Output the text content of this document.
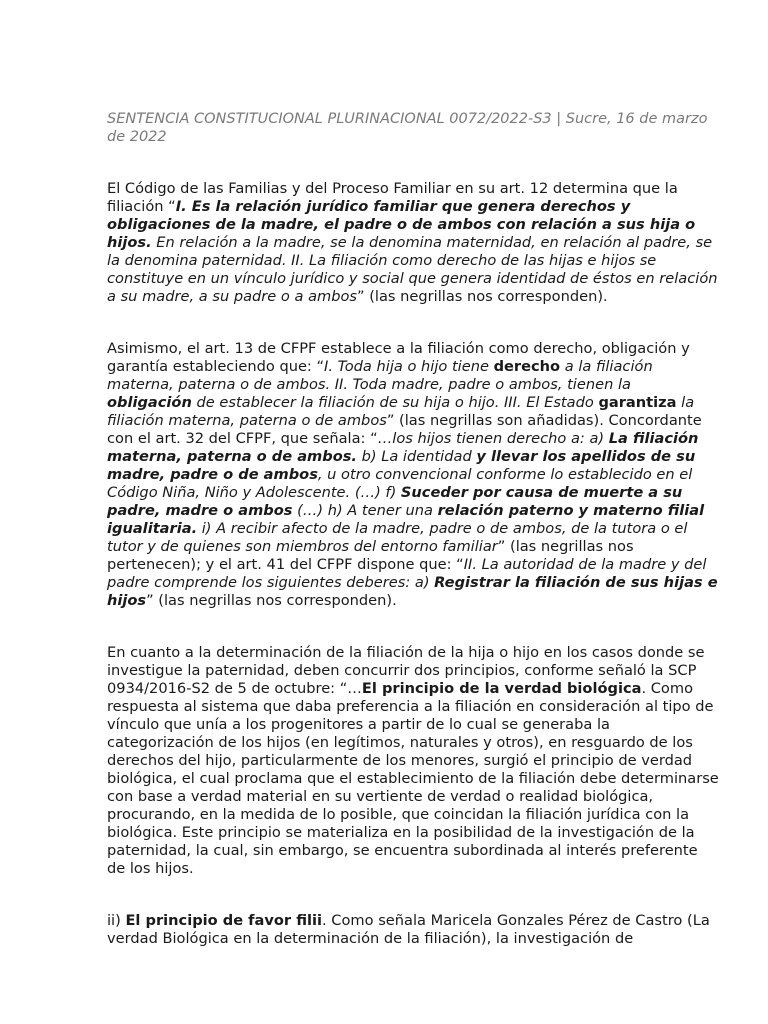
SENTENCIA CONSTITUCIONAL PLURINACIONAL 0072/2022-S3 | Sucre, 16 de marzo de 2022

El Código de las Familias y del Proceso Familiar en su art. 12 determina que la filiación “I. Es la relación jurídico familiar que genera derechos y obligaciones de la madre, el padre o de ambos con relación a sus hija o hijos. En relación a la madre, se la denomina maternidad, en relación al padre, se la denomina paternidad. II. La filiación como derecho de las hijas e hijos se constituye en un vínculo jurídico y social que genera identidad de éstos en relación a su madre, a su padre o a ambos” (las negrillas nos corresponden).

Asimismo, el art. 13 de CFPF establece a la filiación como derecho, obligación y garantía estableciendo que: “I. Toda hija o hijo tiene derecho a la filiación materna, paterna o de ambos. II. Toda madre, padre o ambos, tienen la obligación de establecer la filiación de su hija o hijo. III. El Estado garantiza la filiación materna, paterna o de ambos” (las negrillas son añadidas). Concordante con el art. 32 del CFPF, que señala: “…los hijos tienen derecho a: a) La filiación materna, paterna o de ambos. b) La identidad y llevar los apellidos de su madre, padre o de ambos, u otro convencional conforme lo establecido en el Código Niña, Niño y Adolescente. (…) f) Suceder por causa de muerte a su padre, madre o ambos (…) h) A tener una relación paterno y materno filial igualitaria. i) A recibir afecto de la madre, padre o de ambos, de la tutora o el tutor y de quienes son miembros del entorno familiar” (las negrillas nos pertenecen); y el art. 41 del CFPF dispone que: “II. La autoridad de la madre y del padre comprende los siguientes deberes: a) Registrar la filiación de sus hijas e hijos” (las negrillas nos corresponden).

En cuanto a la determinación de la filiación de la hija o hijo en los casos donde se investigue la paternidad, deben concurrir dos principios, conforme señaló la SCP 0934/2016-S2 de 5 de octubre: “…El principio de la verdad biológica. Como respuesta al sistema que daba preferencia a la filiación en consideración al tipo de vínculo que unía a los progenitores a partir de lo cual se generaba la categorización de los hijos (en legítimos, naturales y otros), en resguardo de los derechos del hijo, particularmente de los menores, surgió el principio de verdad biológica, el cual proclama que el establecimiento de la filiación debe determinarse con base a verdad material en su vertiente de verdad o realidad biológica, procurando, en la medida de lo posible, que coincidan la filiación jurídica con la biológica. Este principio se materializa en la posibilidad de la investigación de la paternidad, la cual, sin embargo, se encuentra subordinada al interés preferente de los hijos.

ii) El principio de favor filii. Como señala Maricela Gonzales Pérez de Castro (La verdad Biológica en la determinación de la filiación), la investigación de
